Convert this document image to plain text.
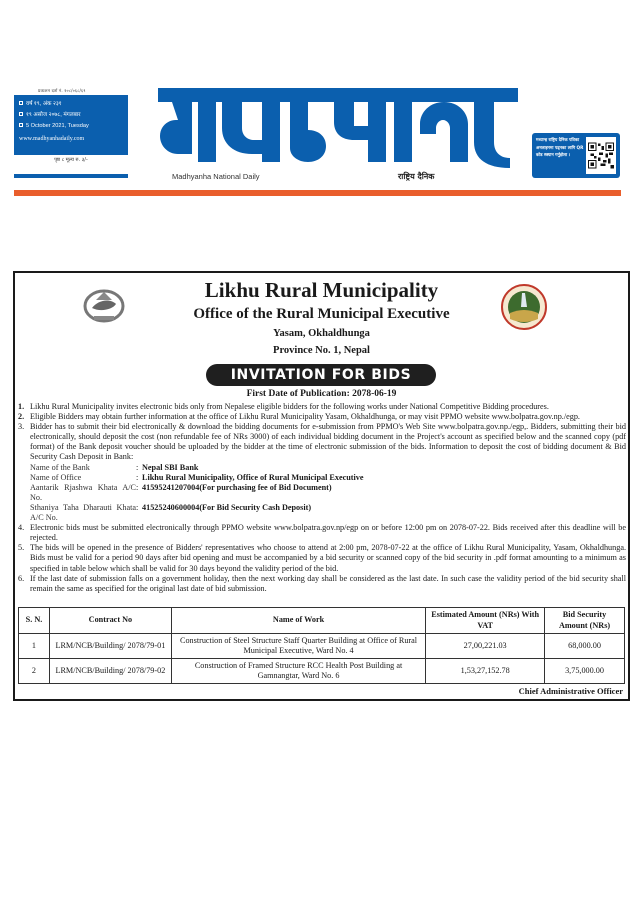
प्रकाशन दर्ता नं. १०८/०६८/६९
वर्ष १९, अंक २३१
१९ असोज २०७८, मंगलबार
5 October 2021, Tuesday
www.madhyanhadaily.com
पृष्ठ ८ मूल्य रु. ३/-
Madhyanha National Daily	राष्ट्रिय दैनिक
मध्यान्ह राष्ट्रिय दैनिक पत्रिका अनलाइनमा पढ्नका लागि QR कोड स्क्यान गर्नुहोला ।
Likhu Rural Municipality
Office of the Rural Municipal Executive
Yasam, Okhaldhunga
Province No. 1, Nepal
INVITATION FOR BIDS
First Date of Publication: 2078-06-19
1. Likhu Rural Municipality invites electronic bids only from Nepalese eligible bidders for the following works under National Competitive Bidding procedures.
2. Eligible Bidders may obtain further information at the office of Likhu Rural Municipality Yasam, Okhaldhunga, or may visit PPMO website www.bolpatra.gov.np./egp.
3. Bidder has to submit their bid electronically & download the bidding documents for e-submission from PPMO's Web Site www.bolpatra.gov.np./egp,. Bidders, submitting their bid electronically, should deposit the cost (non refundable fee of NRs 3000) of each individual bidding document in the Project's account as specified below and the scanned copy (pdf format) of the Bank deposit voucher should be uploaded by the bidder at the time of electronic submission of the bids. Information to deposit the cost of bidding document & Bid Security Cash Deposit in Bank:
Name of the Bank	: Nepal SBI Bank
Name of Office	: Likhu Rural Municipality, Office of Rural Municipal Executive
Aantarik Rjashwa Khata A/C No.
: 41595241207004(For purchasing fee of Bid Document)
Sthaniya Taha Dharauti Khata A/C No.
: 41525240600004(For Bid Security Cash Deposit)
4. Electronic bids must be submitted electronically through PPMO website www.bolpatra.gov.np/egp on or before 12:00 pm on 2078-07-22. Bids received after this deadline will be rejected.
5. The bids will be opened in the presence of Bidders' representatives who choose to attend at 2:00 pm, 2078-07-22 at the office of Likhu Rural Municipality, Yasam, Okhaldhunga. Bids must be valid for a period 90 days after bid opening and must be accompanied by a bid security or scanned copy of the bid security in .pdf format amounting to a minimum as specified in table below which shall be valid for 30 days beyond the validity period of the bid.
6. If the last date of submission falls on a government holiday, then the next working day shall be considered as the last date. In such case the validity period of the bid security shall remain the same as specified for the original last date of bid submission.
S. N.	Contract No	Name of Work	Estimated Amount (NRs) With VAT	Bid Security Amount (NRs)
1	LRM/NCB/Building/ 2078/79-01	Construction of Steel Structure Staff Quarter Building at Office of Rural Municipal Executive, Ward No. 4	27,00,221.03	68,000.00
2	LRM/NCB/Building/ 2078/79-02	Construction of Framed Structure RCC Health Post Building at Gamnangtar, Ward No. 6	1,53,27,152.78	3,75,000.00
Chief Administrative Officer
